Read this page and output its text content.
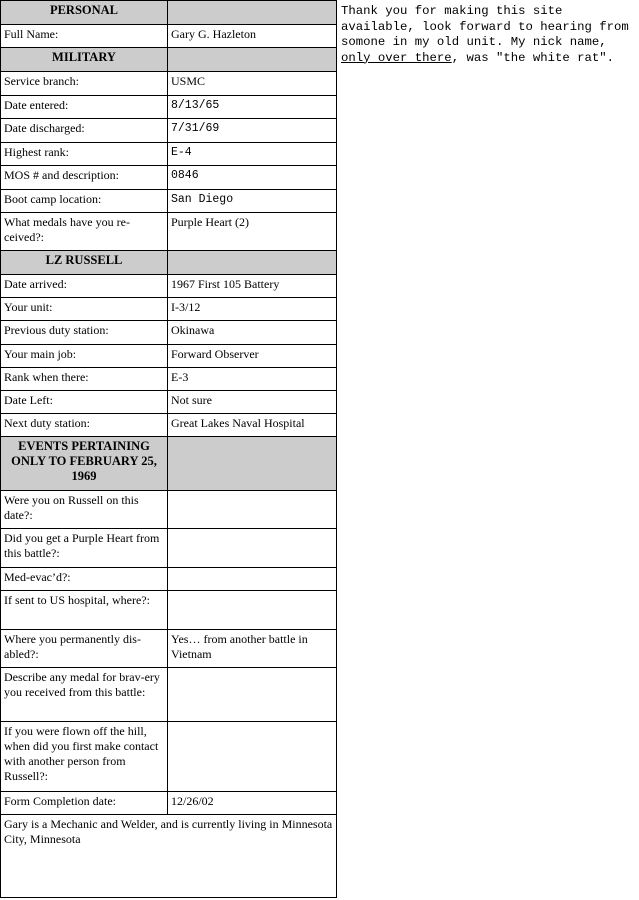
PERSONAL	
Full Name:	Gary G. Hazleton
MILITARY	
Service branch:	USMC
Date entered:	8/13/65
Date discharged:	7/31/69
Highest rank:	E-4
MOS # and description:	0846
Boot camp location:	San Diego
What medals have you re-ceived?:	Purple Heart (2)
LZ RUSSELL	
Date arrived:	1967 First 105 Battery
Your unit:	I-3/12
Previous duty station:	Okinawa
Your main job:	Forward Observer
Rank when there:	E-3
Date Left:	Not sure
Next duty station:	Great Lakes Naval Hospital
EVENTS PERTAINING ONLY TO FEBRUARY 25, 1969	
Were you on Russell on this date?:	
Did you get a Purple Heart from this battle?:	
Med-evac’d?:	
If sent to US hospital, where?:	
Where you permanently dis-abled?:	Yes… from another battle in Vietnam
Describe any medal for brav-ery you received from this battle:	
If you were flown off the hill, when did you first make contact with another person from Russell?:	
Form Completion date:	12/26/02
Gary is a Mechanic and Welder, and is currently living in Minnesota City, Minnesota	
Thank you for making this site available, look forward to hearing from somone in my old unit. My nick name, only over there, was "the white rat".
